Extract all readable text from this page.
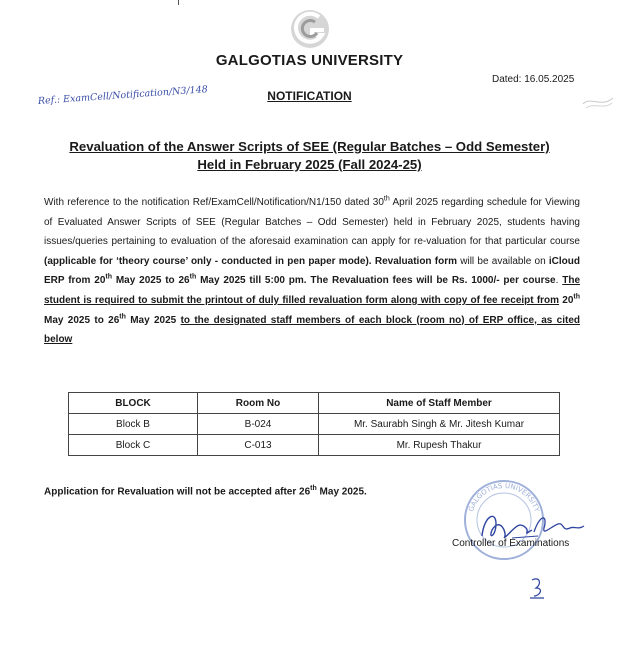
GALGOTIAS UNIVERSITY
Dated: 16.05.2025
Ref.: ExamCell/Notification/N3/148	NOTIFICATION
Revaluation of the Answer Scripts of SEE (Regular Batches – Odd Semester)
Held in February 2025 (Fall 2024-25)
With reference to the notification Ref/ExamCell/Notification/N1/150 dated 30th April 2025 regarding schedule for Viewing of Evaluated Answer Scripts of SEE (Regular Batches – Odd Semester) held in February 2025, students having issues/queries pertaining to evaluation of the aforesaid examination can apply for re-valuation for that particular course (applicable for ‘theory course’ only - conducted in pen paper mode). Revaluation form will be available on iCloud ERP from 20th May 2025 to 26th May 2025 till 5:00 pm. The Revaluation fees will be Rs. 1000/- per course. The student is required to submit the printout of duly filled revaluation form along with copy of fee receipt from 20th May 2025 to 26th May 2025 to the designated staff members of each block (room no) of ERP office, as cited below
BLOCK	Room No	Name of Staff Member
Block B	B-024	Mr. Saurabh Singh & Mr. Jitesh Kumar
Block C	C-013	Mr. Rupesh Thakur
Application for Revaluation will not be accepted after 26th May 2025.
GALGOTIAS UNIVERSITY
Controller of Examinations
